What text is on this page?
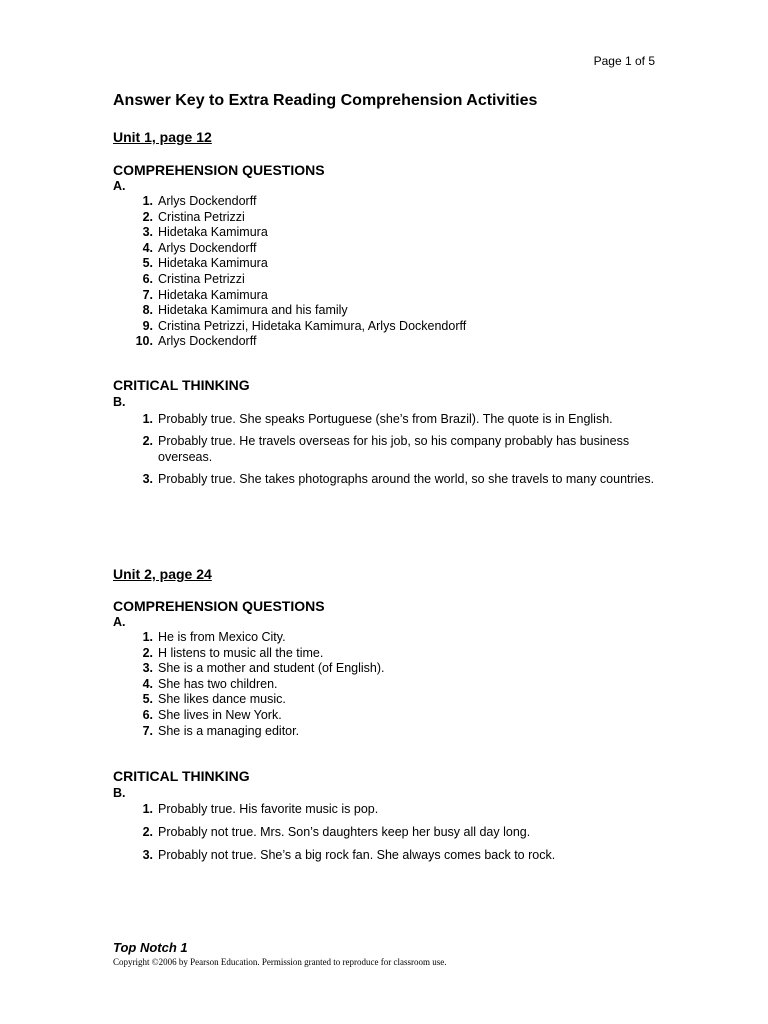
Page 1 of 5
Answer Key to Extra Reading Comprehension Activities
Unit 1, page 12
COMPREHENSION QUESTIONS
A.
1. Arlys Dockendorff
2. Cristina Petrizzi
3. Hidetaka Kamimura
4. Arlys Dockendorff
5. Hidetaka Kamimura
6. Cristina Petrizzi
7. Hidetaka Kamimura
8. Hidetaka Kamimura and his family
9. Cristina Petrizzi, Hidetaka Kamimura, Arlys Dockendorff
10. Arlys Dockendorff
CRITICAL THINKING
B.
1. Probably true. She speaks Portuguese (she’s from Brazil). The quote is in English.
2. Probably true. He travels overseas for his job, so his company probably has business overseas.
3. Probably true. She takes photographs around the world, so she travels to many countries.
Unit 2, page 24
COMPREHENSION QUESTIONS
A.
1. He is from Mexico City.
2. H listens to music all the time.
3. She is a mother and student (of English).
4. She has two children.
5. She likes dance music.
6. She lives in New York.
7. She is a managing editor.
CRITICAL THINKING
B.
1. Probably true. His favorite music is pop.
2. Probably not true. Mrs. Son’s daughters keep her busy all day long.
3. Probably not true. She’s a big rock fan. She always comes back to rock.
Top Notch 1
Copyright ©2006 by Pearson Education. Permission granted to reproduce for classroom use.
